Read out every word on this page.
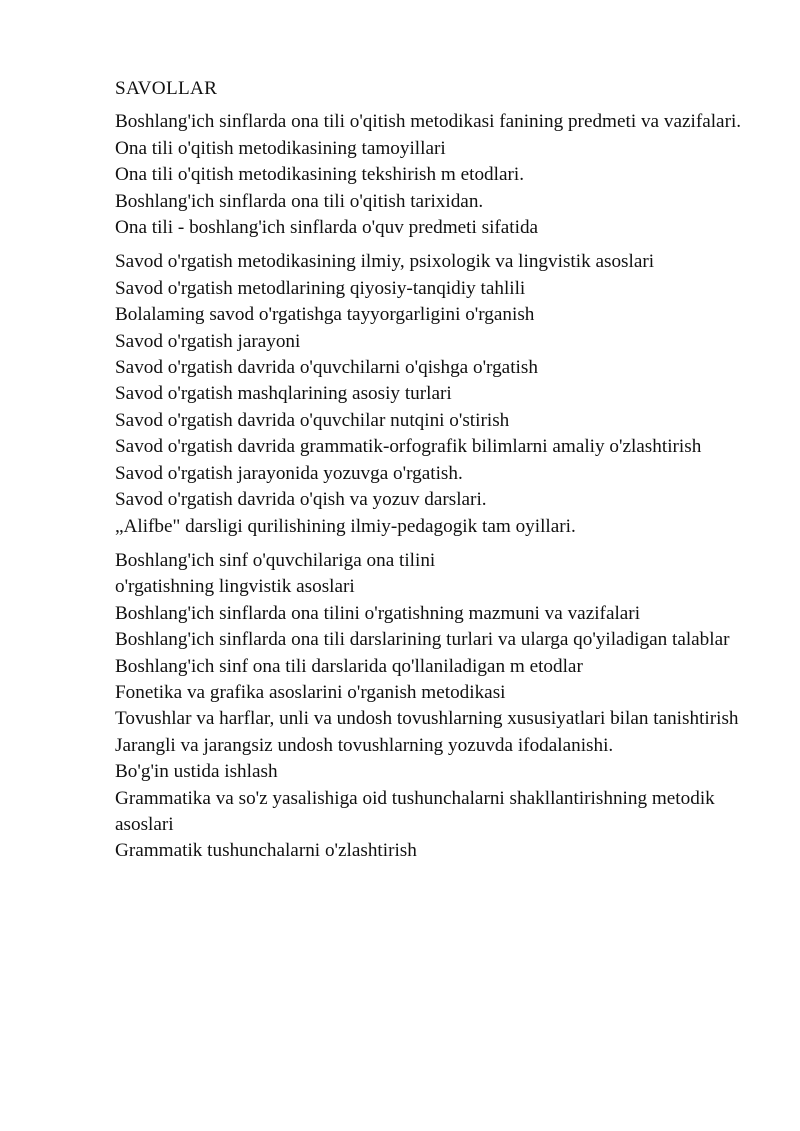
SAVOLLAR
Boshlang'ich sinflarda ona tili o'qitish metodikasi fanining predmeti va vazifalari.
Ona tili o'qitish metodikasining tamoyillari
Ona tili o'qitish metodikasining tekshirish m etodlari.
Boshlang'ich sinflarda ona tili o'qitish tarixidan.
Ona tili - boshlang'ich sinflarda o'quv predmeti sifatida
Savod o'rgatish metodikasining ilmiy, psixologik va lingvistik asoslari
Savod o'rgatish metodlarining qiyosiy-tanqidiy tahlili
Bolalaming savod o'rgatishga tayyorgarligini o'rganish
Savod o'rgatish jarayoni
Savod o'rgatish davrida o'quvchilarni o'qishga o'rgatish
Savod o'rgatish mashqlarining asosiy turlari
Savod o'rgatish davrida o'quvchilar nutqini o'stirish
Savod o'rgatish davrida grammatik-orfografik bilimlarni amaliy o'zlashtirish
Savod o'rgatish jarayonida yozuvga o'rgatish.
Savod o'rgatish davrida o'qish va yozuv darslari.
„Alifbe" darsligi qurilishining ilmiy-pedagogik tam oyillari.
Boshlang'ich sinf o'quvchilariga ona tilini
o'rgatishning lingvistik asoslari
Boshlang'ich sinflarda ona tilini o'rgatishning mazmuni va vazifalari
Boshlang'ich sinflarda ona tili darslarining turlari va ularga qo'yiladigan talablar
Boshlang'ich sinf ona tili darslarida qo'llaniladigan m etodlar
Fonetika va grafika asoslarini o'rganish metodikasi
Tovushlar va harflar, unli va undosh tovushlarning xususiyatlari bilan tanishtirish
Jarangli va jarangsiz undosh tovushlarning yozuvda ifodalanishi.
Bo'g'in ustida ishlash
Grammatika va so'z yasalishiga oid tushunchalarni shakllantirishning metodik asoslari
Grammatik tushunchalarni o'zlashtirish
